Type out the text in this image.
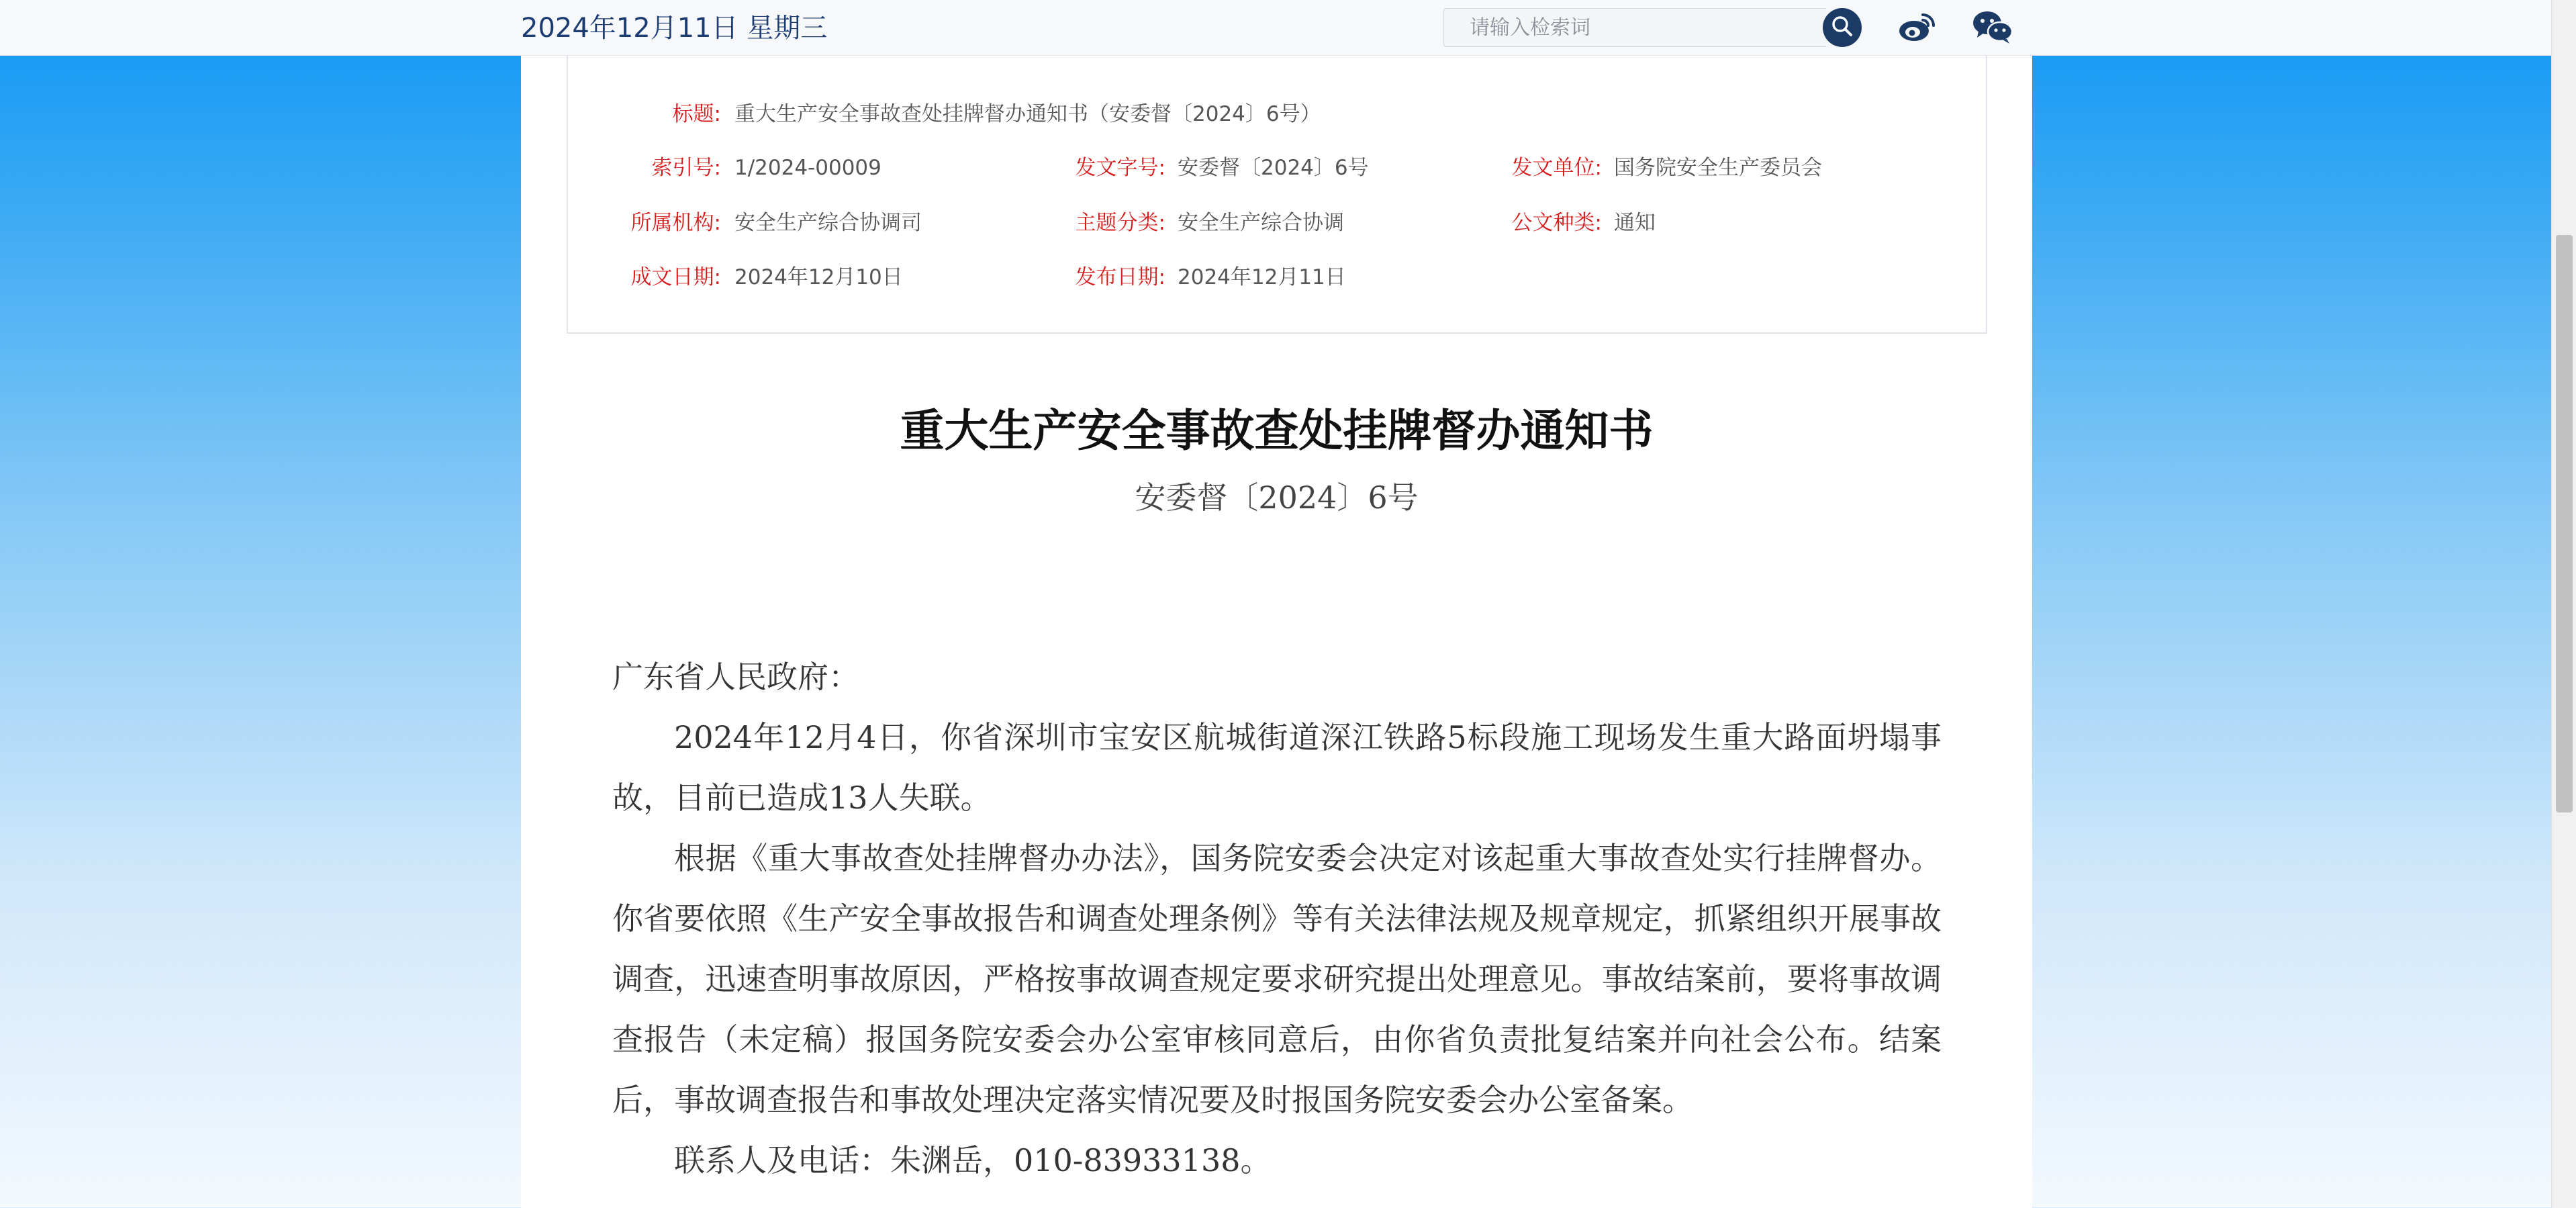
2024年12月11日 星期三
请输入检索词
标题: 重大生产安全事故查处挂牌督办通知书（安委督〔2024〕6号）
索引号: 1/2024-00009	发文字号: 安委督〔2024〕6号	发文单位: 国务院安全生产委员会
所属机构: 安全生产综合协调司	主题分类: 安全生产综合协调	公文种类: 通知
成文日期: 2024年12月10日	发布日期: 2024年12月11日
重大生产安全事故查处挂牌督办通知书
安委督〔2024〕6号

广东省人民政府：

2024年12月4日，你省深圳市宝安区航城街道深江铁路5标段施工现场发生重大路面坍塌事故，目前已造成13人失联。

根据《重大事故查处挂牌督办办法》，国务院安委会决定对该起重大事故查处实行挂牌督办。你省要依照《生产安全事故报告和调查处理条例》等有关法律法规及规章规定，抓紧组织开展事故调查，迅速查明事故原因，严格按事故调查规定要求研究提出处理意见。事故结案前，要将事故调查报告（未定稿）报国务院安委会办公室审核同意后，由你省负责批复结案并向社会公布。结案后，事故调查报告和事故处理决定落实情况要及时报国务院安委会办公室备案。

联系人及电话：朱渊岳，010-83933138。
